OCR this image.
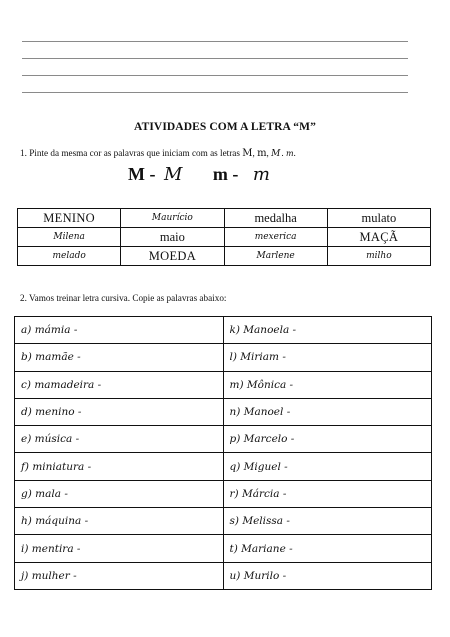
ATIVIDADES COM A LETRA “M”
1. Pinte da mesma cor as palavras que iniciam com as letras M, m, M. m.
M - M m - m
MENINO	Maurício	medalha	mulato
Milena	maio	mexerica	MAÇÃ
melado	MOEDA	Marlene	milho
2. Vamos treinar letra cursiva. Copie as palavras abaixo:
a) mámia -	k) Manoela -
b) mamãe -	l) Miriam -
c) mamadeira -	m) Mônica -
d) menino -	n) Manoel -
e) música -	p) Marcelo -
f) miniatura -	q) Miguel -
g) mala -	r) Márcia -
h) máquina -	s) Melissa -
i) mentira -	t) Mariane -
j) mulher -	u) Murilo -
